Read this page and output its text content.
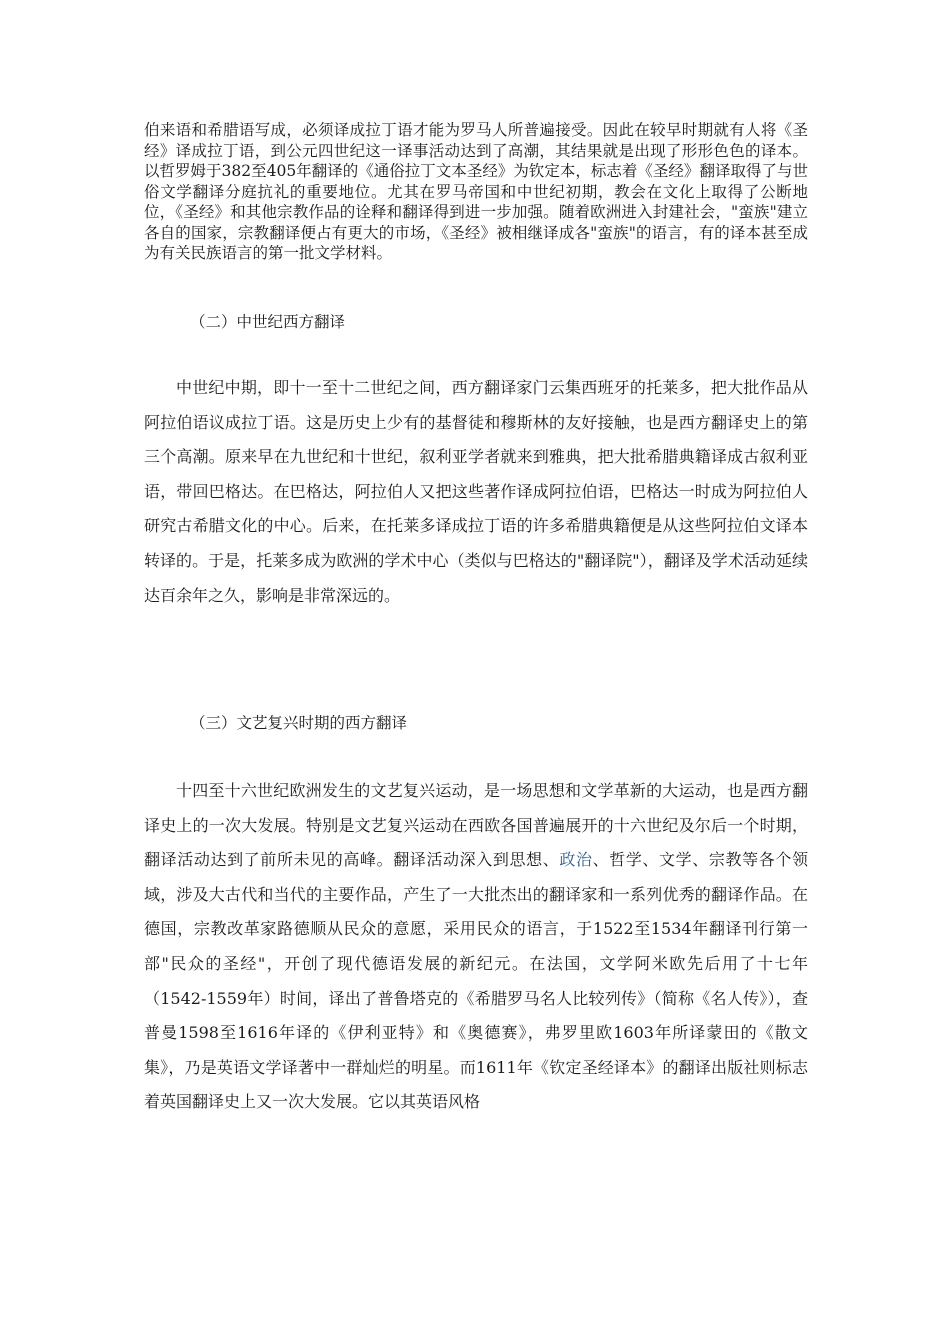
伯来语和希腊语写成，必须译成拉丁语才能为罗马人所普遍接受。因此在较早时期就有人将《圣经》译成拉丁语，到公元四世纪这一译事活动达到了高潮，其结果就是出现了形形色色的译本。以哲罗姆于382至405年翻译的《通俗拉丁文本圣经》为钦定本，标志着《圣经》翻译取得了与世俗文学翻译分庭抗礼的重要地位。尤其在罗马帝国和中世纪初期，教会在文化上取得了公断地位，《圣经》和其他宗教作品的诠释和翻译得到进一步加强。随着欧洲进入封建社会，"蛮族"建立各自的国家，宗教翻译便占有更大的市场，《圣经》被相继译成各"蛮族"的语言，有的译本甚至成为有关民族语言的第一批文学材料。

（二）中世纪西方翻译

中世纪中期，即十一至十二世纪之间，西方翻译家门云集西班牙的托莱多，把大批作品从阿拉伯语议成拉丁语。这是历史上少有的基督徒和穆斯林的友好接触，也是西方翻译史上的第三个高潮。原来早在九世纪和十世纪，叙利亚学者就来到雅典，把大批希腊典籍译成古叙利亚语，带回巴格达。在巴格达，阿拉伯人又把这些著作译成阿拉伯语，巴格达一时成为阿拉伯人研究古希腊文化的中心。后来，在托莱多译成拉丁语的许多希腊典籍便是从这些阿拉伯文译本转译的。于是，托莱多成为欧洲的学术中心（类似与巴格达的"翻译院"），翻译及学术活动延续达百余年之久，影响是非常深远的。

（三）文艺复兴时期的西方翻译

十四至十六世纪欧洲发生的文艺复兴运动，是一场思想和文学革新的大运动，也是西方翻译史上的一次大发展。特别是文艺复兴运动在西欧各国普遍展开的十六世纪及尔后一个时期，翻译活动达到了前所未见的高峰。翻译活动深入到思想、政治、哲学、文学、宗教等各个领域，涉及大古代和当代的主要作品，产生了一大批杰出的翻译家和一系列优秀的翻译作品。在德国，宗教改革家路德顺从民众的意愿，采用民众的语言，于1522至1534年翻译刊行第一部"民众的圣经"，开创了现代德语发展的新纪元。在法国，文学阿米欧先后用了十七年（1542-1559年）时间，译出了普鲁塔克的《希腊罗马名人比较列传》（简称《名人传》），查普曼1598至1616年译的《伊利亚特》和《奥德赛》，弗罗里欧1603年所译蒙田的《散文集》，乃是英语文学译著中一群灿烂的明星。而1611年《钦定圣经译本》的翻译出版社则标志着英国翻译史上又一次大发展。它以其英语风格
